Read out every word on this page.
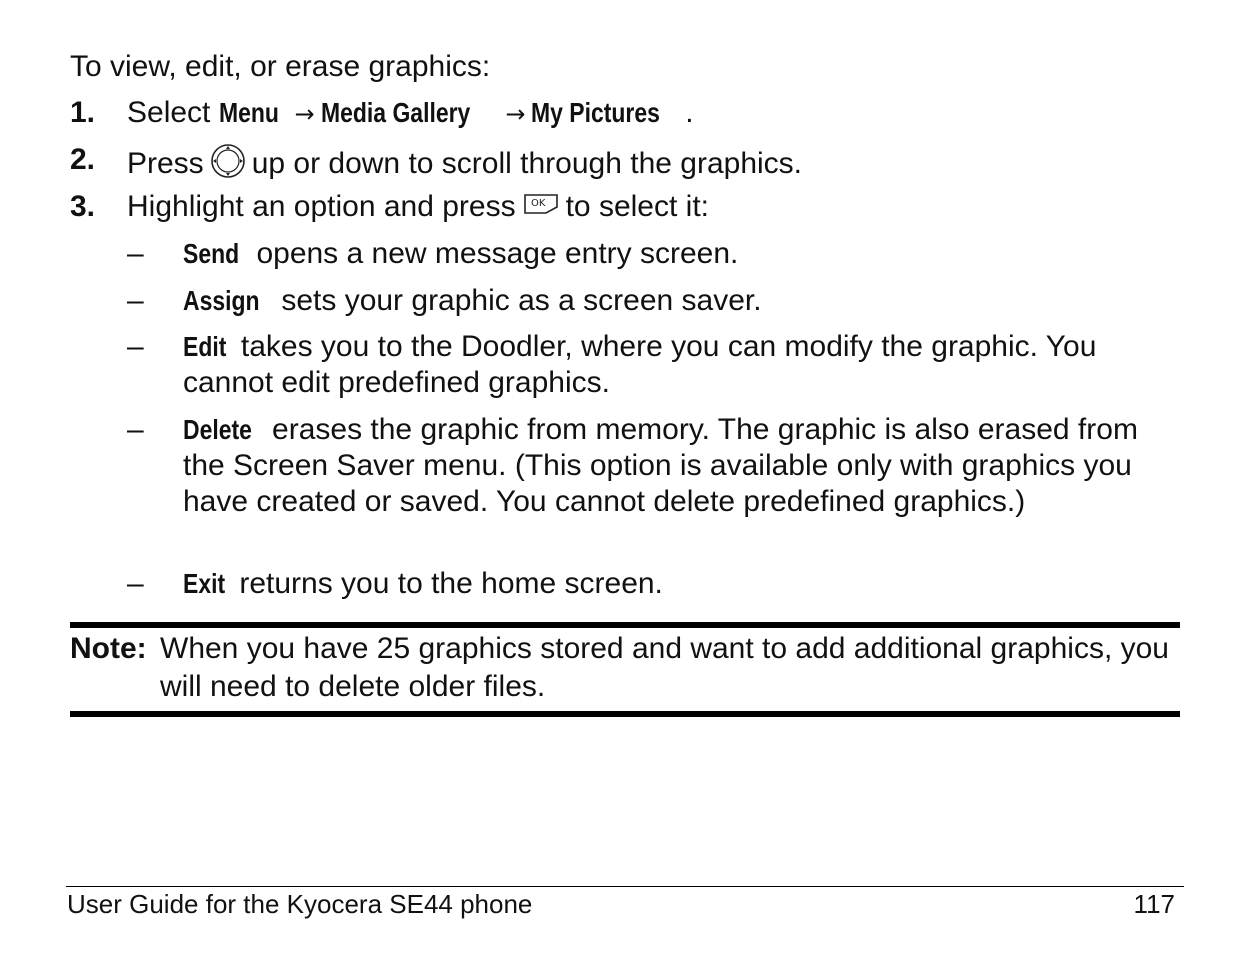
To view, edit, or erase graphics:
1. Select Menu → Media Gallery → My Pictures .
2. Press up or down to scroll through the graphics.
3. Highlight an option and press OK to select it:
– Send opens a new message entry screen.
– Assign sets your graphic as a screen saver.
– Edit takes you to the Doodler, where you can modify the graphic. You cannot edit predefined graphics.
– Delete erases the graphic from memory. The graphic is also erased from the Screen Saver menu. (This option is available only with graphics you have created or saved. You cannot delete predefined graphics.)
– Exit returns you to the home screen.
Note: When you have 25 graphics stored and want to add additional graphics, you will need to delete older files.
User Guide for the Kyocera SE44 phone	117
